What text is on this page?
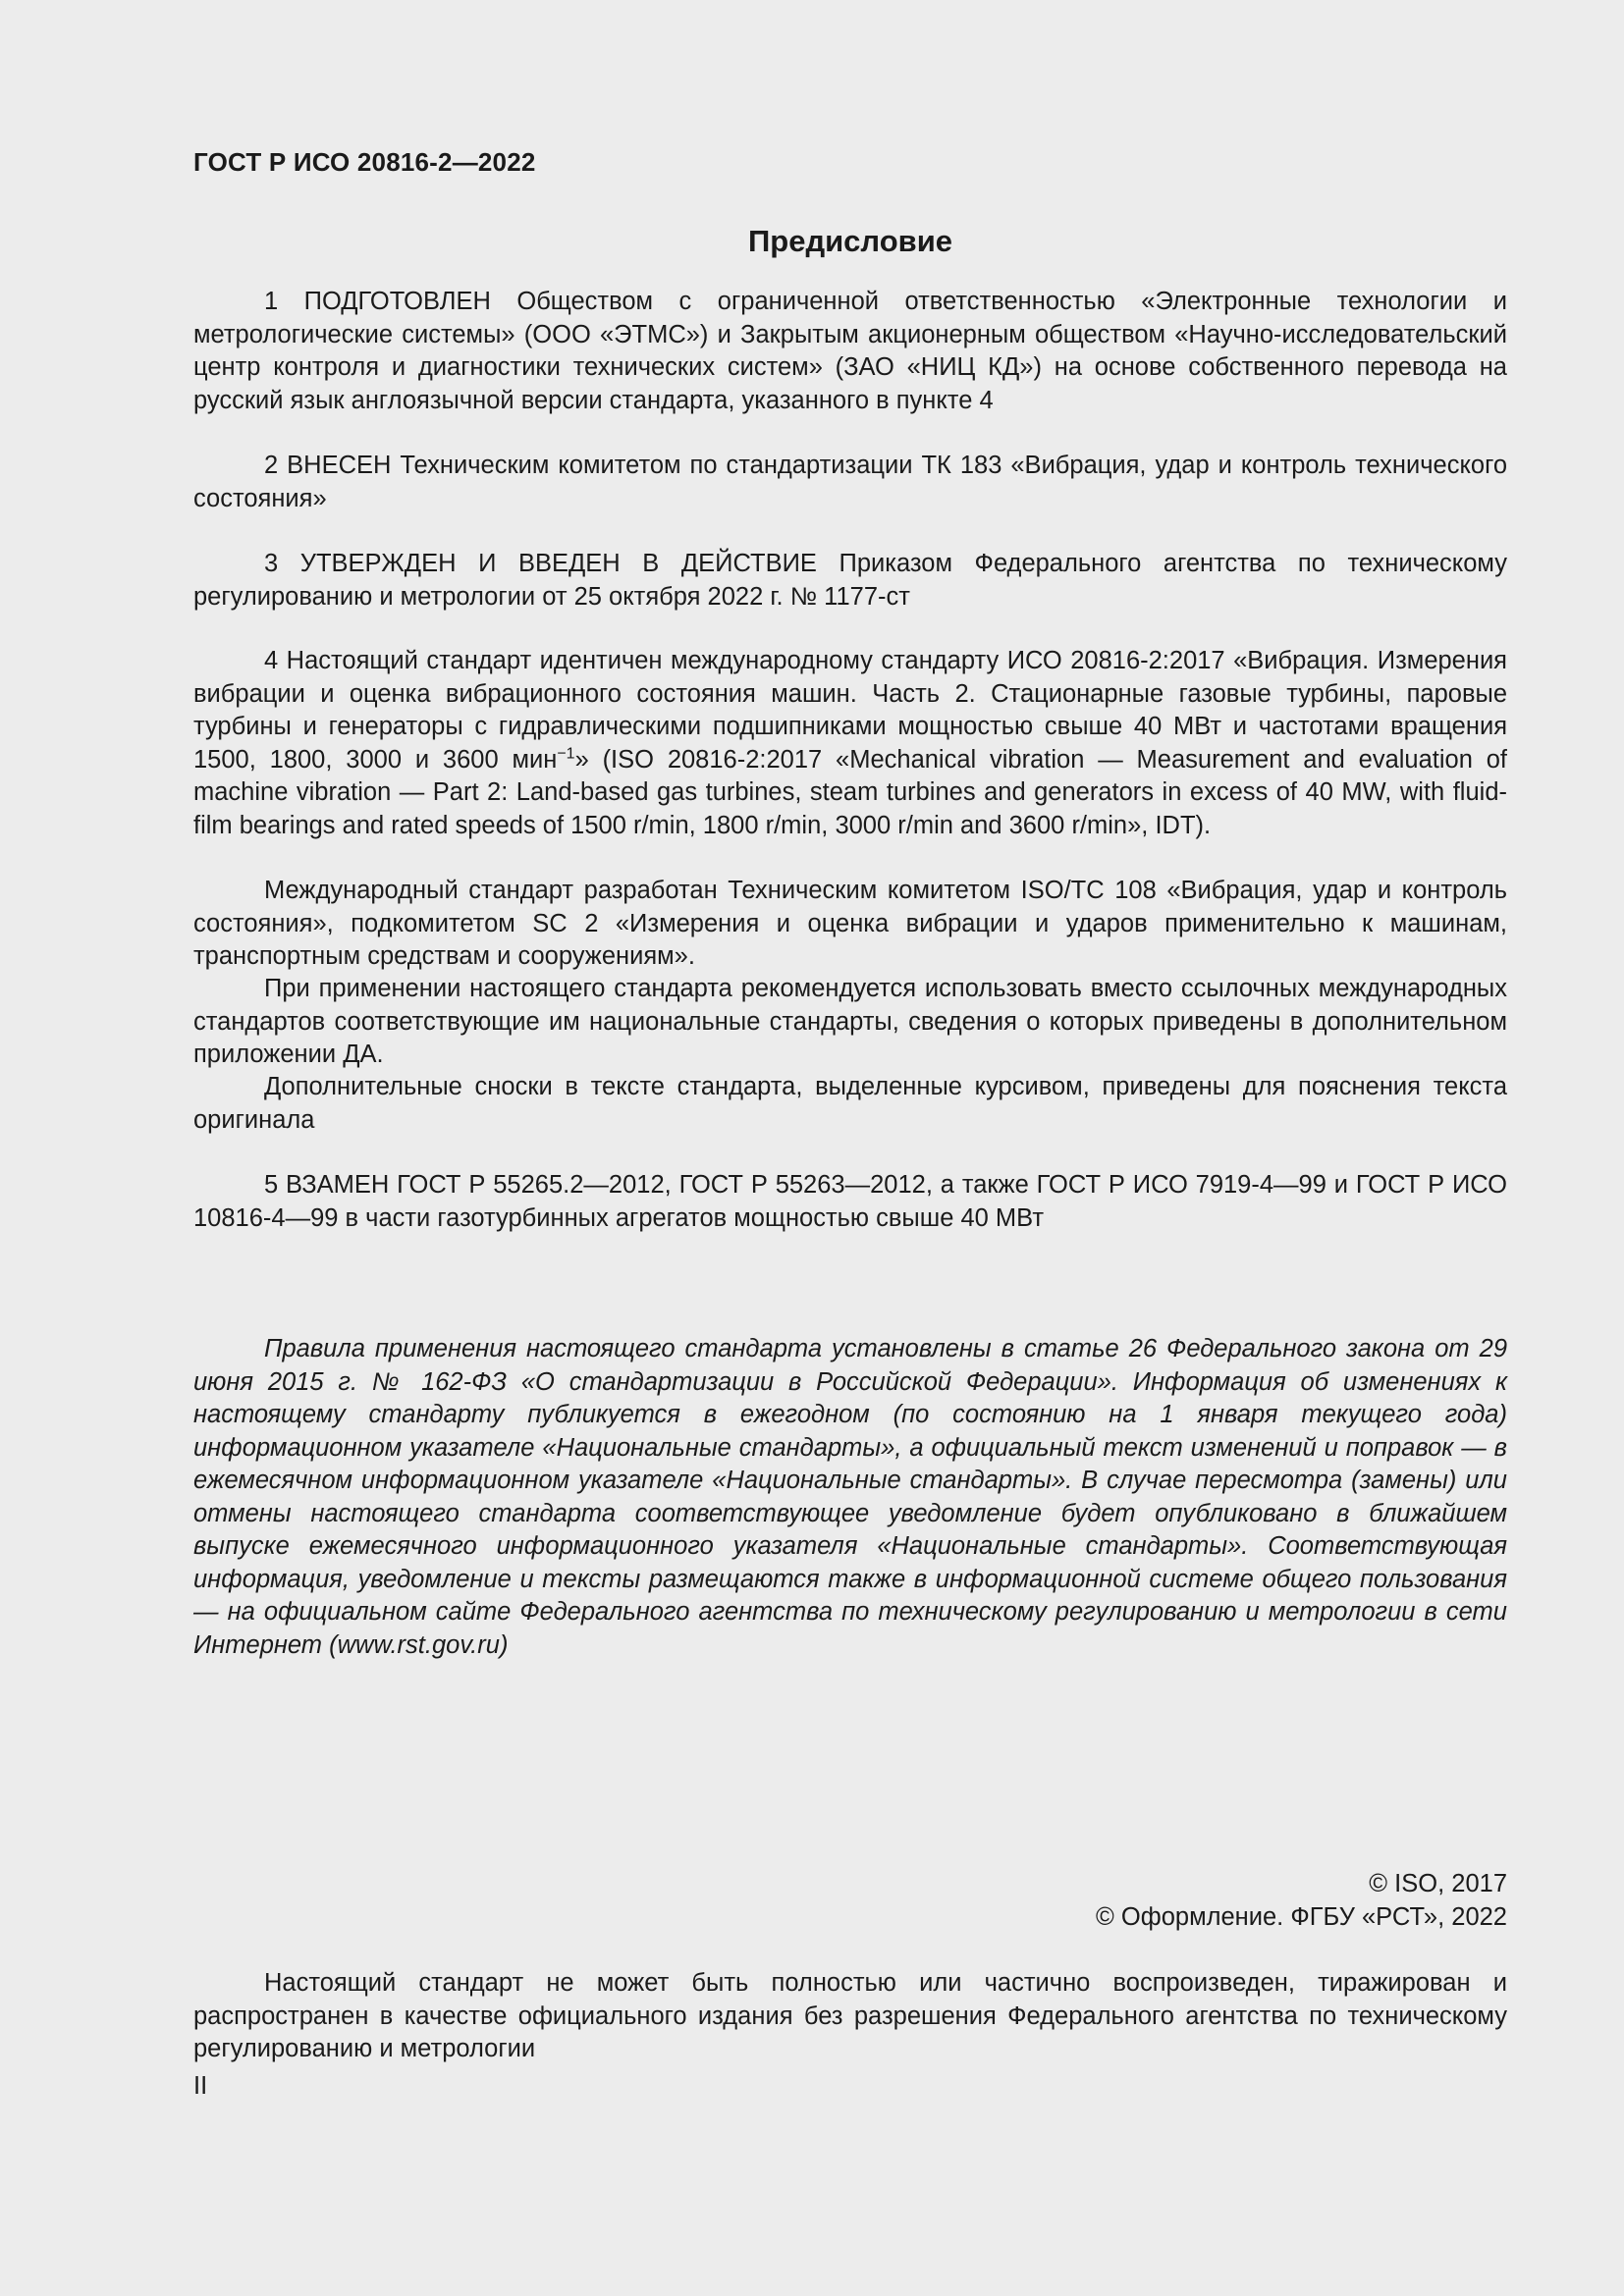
ГОСТ Р ИСО 20816-2—2022
Предисловие

1 ПОДГОТОВЛЕН Обществом с ограниченной ответственностью «Электронные технологии и метрологические системы» (ООО «ЭТМС») и Закрытым акционерным обществом «Научно-исследовательский центр контроля и диагностики технических систем» (ЗАО «НИЦ КД») на основе собственного перевода на русский язык англоязычной версии стандарта, указанного в пункте 4

2 ВНЕСЕН Техническим комитетом по стандартизации ТК 183 «Вибрация, удар и контроль технического состояния»

3 УТВЕРЖДЕН И ВВЕДЕН В ДЕЙСТВИЕ Приказом Федерального агентства по техническому регулированию и метрологии от 25 октября 2022 г. № 1177-ст

4 Настоящий стандарт идентичен международному стандарту ИСО 20816-2:2017 «Вибрация. Измерения вибрации и оценка вибрационного состояния машин. Часть 2. Стационарные газовые турбины, паровые турбины и генераторы с гидравлическими подшипниками мощностью свыше 40 МВт и частотами вращения 1500, 1800, 3000 и 3600 мин$^{-1}$» (ISO 20816-2:2017 «Mechanical vibration — Measurement and evaluation of machine vibration — Part 2: Land-based gas turbines, steam turbines and generators in excess of 40 MW, with fluid-film bearings and rated speeds of 1500 r/min, 1800 r/min, 3000 r/min and 3600 r/min», IDT).

Международный стандарт разработан Техническим комитетом ISO/TC 108 «Вибрация, удар и контроль состояния», подкомитетом SC 2 «Измерения и оценка вибрации и ударов применительно к машинам, транспортным средствам и сооружениям».

При применении настоящего стандарта рекомендуется использовать вместо ссылочных международных стандартов соответствующие им национальные стандарты, сведения о которых приведены в дополнительном приложении ДА.

Дополнительные сноски в тексте стандарта, выделенные курсивом, приведены для пояснения текста оригинала

5 ВЗАМЕН ГОСТ Р 55265.2—2012, ГОСТ Р 55263—2012, а также ГОСТ Р ИСО 7919-4—99 и ГОСТ Р ИСО 10816-4—99 в части газотурбинных агрегатов мощностью свыше 40 МВт

Правила применения настоящего стандарта установлены в статье 26 Федерального закона от 29 июня 2015 г. № 162-ФЗ «О стандартизации в Российской Федерации». Информация об изменениях к настоящему стандарту публикуется в ежегодном (по состоянию на 1 января текущего года) информационном указателе «Национальные стандарты», а официальный текст изменений и поправок — в ежемесячном информационном указателе «Национальные стандарты». В случае пересмотра (замены) или отмены настоящего стандарта соответствующее уведомление будет опубликовано в ближайшем выпуске ежемесячного информационного указателя «Национальные стандарты». Соответствующая информация, уведомление и тексты размещаются также в информационной системе общего пользования — на официальном сайте Федерального агентства по техническому регулированию и метрологии в сети Интернет (www.rst.gov.ru)

© ISO, 2017
© Оформление. ФГБУ «РСТ», 2022

Настоящий стандарт не может быть полностью или частично воспроизведен, тиражирован и распространен в качестве официального издания без разрешения Федерального агентства по техническому регулированию и метрологии

II
